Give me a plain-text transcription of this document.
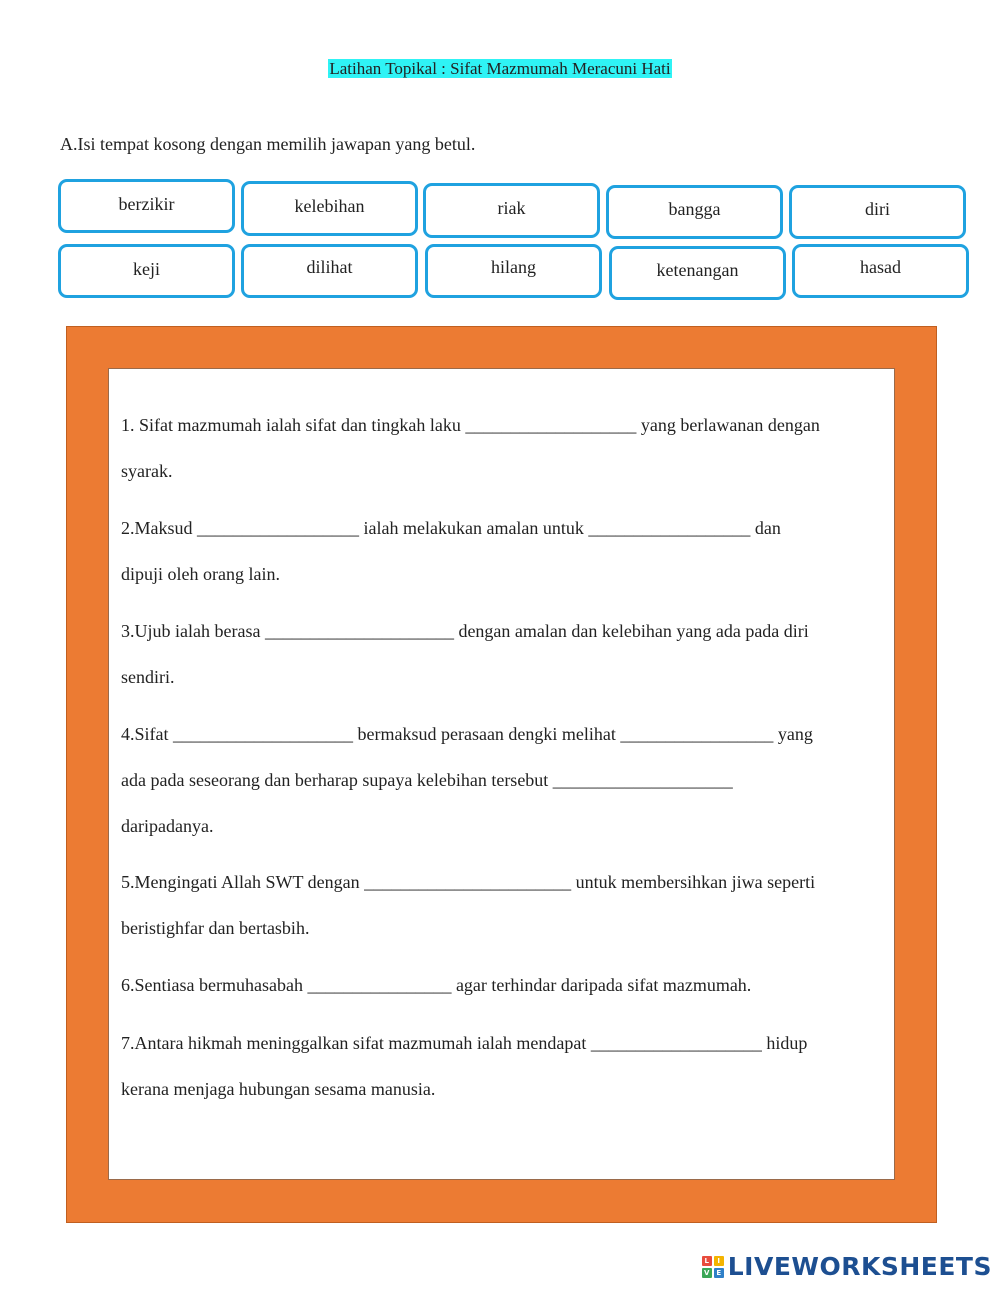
Latihan Topikal : Sifat Mazmumah Meracuni Hati
A.Isi tempat kosong dengan memilih jawapan yang betul.
berzikir	kelebihan	riak	bangga	diri
keji	dilihat	hilang	ketenangan	hasad
1. Sifat mazmumah ialah sifat dan tingkah laku ___________________ yang berlawanan dengan
syarak.
2.Maksud __________________ ialah melakukan amalan untuk __________________ dan
dipuji oleh orang lain.
3.Ujub ialah berasa _____________________ dengan amalan dan kelebihan yang ada pada diri
sendiri.
4.Sifat ____________________ bermaksud perasaan dengki melihat _________________ yang
ada pada seseorang dan berharap supaya kelebihan tersebut ____________________
daripadanya.
5.Mengingati Allah SWT dengan _______________________ untuk membersihkan jiwa seperti
beristighfar dan bertasbih.
6.Sentiasa bermuhasabah ________________ agar terhindar daripada sifat mazmumah.
7.Antara hikmah meninggalkan sifat mazmumah ialah mendapat ___________________ hidup
kerana menjaga hubungan sesama manusia.
L	I
V E LIVEWORKSHEETS
